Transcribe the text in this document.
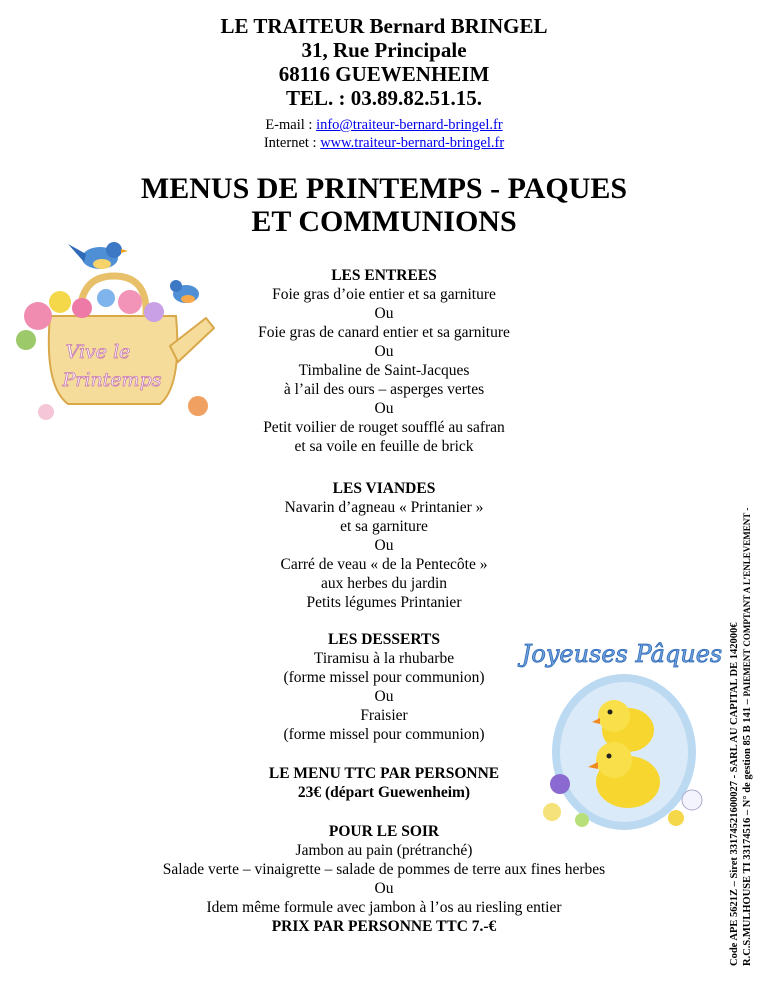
LE TRAITEUR Bernard BRINGEL
31, Rue Principale
68116 GUEWENHEIM
TEL. : 03.89.82.51.15.
E-mail : info@traiteur-bernard-bringel.fr
Internet : www.traiteur-bernard-bringel.fr
MENUS DE PRINTEMPS - PAQUES
ET COMMUNIONS
Vive le
Printemps
Joyeuses Pâques
LES ENTREES
Foie gras d’oie entier et sa garniture
Ou
Foie gras de canard entier et sa garniture
Ou
Timbaline de Saint-Jacques
à l’ail des ours – asperges vertes
Ou
Petit voilier de rouget soufflé au safran
et sa voile en feuille de brick
LES VIANDES
Navarin d’agneau « Printanier »
et sa garniture
Ou
Carré de veau « de la Pentecôte »
aux herbes du jardin
Petits légumes Printanier
LES DESSERTS
Tiramisu à la rhubarbe
(forme missel pour communion)
Ou
Fraisier
(forme missel pour communion)
LE MENU TTC PAR PERSONNE
23€ (départ Guewenheim)
POUR LE SOIR
Jambon au pain (prétranché)
Salade verte – vinaigrette – salade de pommes de terre aux fines herbes
Ou
Idem même formule avec jambon à l’os au riesling entier
PRIX PAR PERSONNE TTC 7.-€	Code APE 5621Z – Siret 33174521600027 - SARL AU CAPITAL DE 142000€ R.C.S.MULHOUSE TI 33174516 – N° de gestion 85 B 141 – PAIEMENT COMPTANT A L’ENLEVEMENT -
